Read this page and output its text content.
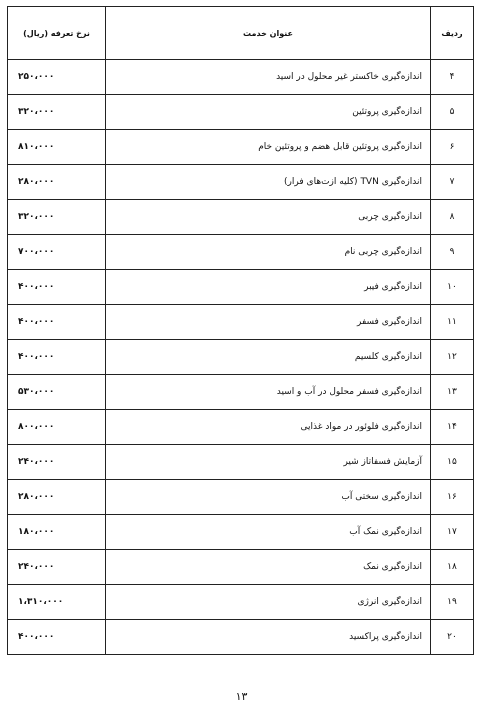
ردیف	عنوان خدمت	نرخ تعرفه (ریال)
۴	اندازه‌گیری خاکستر غیر محلول در اسید	۲۵۰،۰۰۰
۵	اندازه‌گیری پروتئین	۳۲۰،۰۰۰
۶	اندازه‌گیری پروتئین قابل هضم و پروتئین خام	۸۱۰،۰۰۰
۷	اندازه‌گیری TVN (کلیه ازت‌های فرار)	۲۸۰،۰۰۰
۸	اندازه‌گیری چربی	۳۲۰،۰۰۰
۹	اندازه‌گیری چربی نام	۷۰۰،۰۰۰
۱۰	اندازه‌گیری فیبر	۴۰۰،۰۰۰
۱۱	اندازه‌گیری فسفر	۴۰۰،۰۰۰
۱۲	اندازه‌گیری کلسیم	۴۰۰،۰۰۰
۱۳	اندازه‌گیری فسفر محلول در آب و اسید	۵۳۰،۰۰۰
۱۴	اندازه‌گیری فلوئور در مواد غذایی	۸۰۰،۰۰۰
۱۵	آزمایش فسفاتاز شیر	۲۴۰،۰۰۰
۱۶	اندازه‌گیری سختی آب	۲۸۰،۰۰۰
۱۷	اندازه‌گیری نمک آب	۱۸۰،۰۰۰
۱۸	اندازه‌گیری نمک	۲۴۰،۰۰۰
۱۹	اندازه‌گیری انرژی	۱،۳۱۰،۰۰۰
۲۰	اندازه‌گیری پراکسید	۴۰۰،۰۰۰
۱۳
